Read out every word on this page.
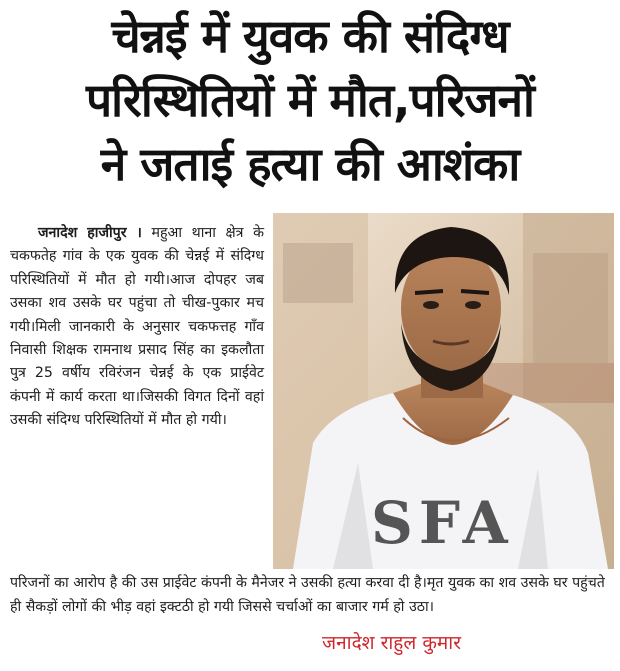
चेन्नई में युवक की संदिग्ध
परिस्थितियों में मौत,परिजनों
ने जताई हत्या की आशंका

जनादेश हाजीपुर । महुआ थाना क्षेत्र के चकफतेह गांव के एक युवक की चेन्नई में संदिग्ध परिस्थितियों में मौत हो गयी।आज दोपहर जब उसका शव उसके घर पहुंचा तो चीख-पुकार मच गयी।मिली जानकारी के अनुसार चकफत्तह गाँव निवासी शिक्षक रामनाथ प्रसाद सिंह का इकलौता पुत्र 25 वर्षीय रविरंजन चेन्नई के एक प्राईवेट कंपनी में कार्य करता था।जिसकी विगत दिनों वहां उसकी संदिग्ध परिस्थितियों में मौत हो गयी।

SFA

परिजनों का आरोप है की उस प्राईवेट कंपनी के मैनेजर ने उसकी हत्या करवा दी है।मृत युवक का शव उसके घर पहुंचते ही सैकड़ों लोगों की भीड़ वहां इक्टठी हो गयी जिससे चर्चाओं का बाजार गर्म हो उठा।

जनादेश राहुल कुमार
